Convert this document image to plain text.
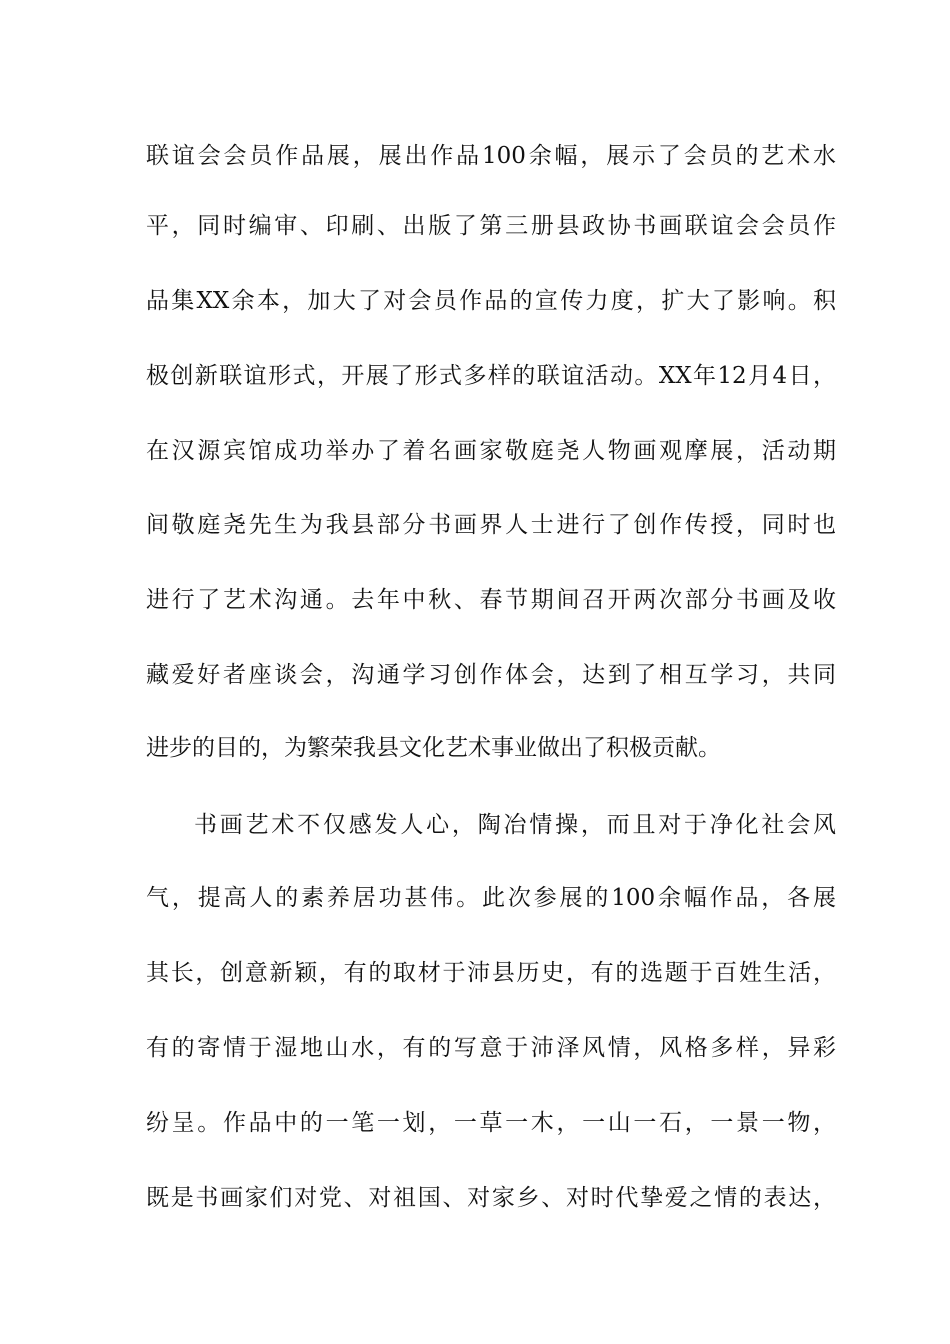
联谊会会员作品展，展出作品100余幅，展示了会员的艺术水
平，同时编审、印刷、出版了第三册县政协书画联谊会会员作
品集XX余本，加大了对会员作品的宣传力度，扩大了影响。积
极创新联谊形式，开展了形式多样的联谊活动。XX年12月4日，
在汉源宾馆成功举办了着名画家敬庭尧人物画观摩展，活动期
间敬庭尧先生为我县部分书画界人士进行了创作传授，同时也
进行了艺术沟通。去年中秋、春节期间召开两次部分书画及收
藏爱好者座谈会，沟通学习创作体会，达到了相互学习，共同
进步的目的，为繁荣我县文化艺术事业做出了积极贡献。
书画艺术不仅感发人心，陶冶情操，而且对于净化社会风
气，提高人的素养居功甚伟。此次参展的100余幅作品，各展
其长，创意新颖，有的取材于沛县历史，有的选题于百姓生活，
有的寄情于湿地山水，有的写意于沛泽风情，风格多样，异彩
纷呈。作品中的一笔一划，一草一木，一山一石，一景一物，
既是书画家们对党、对祖国、对家乡、对时代挚爱之情的表达，
